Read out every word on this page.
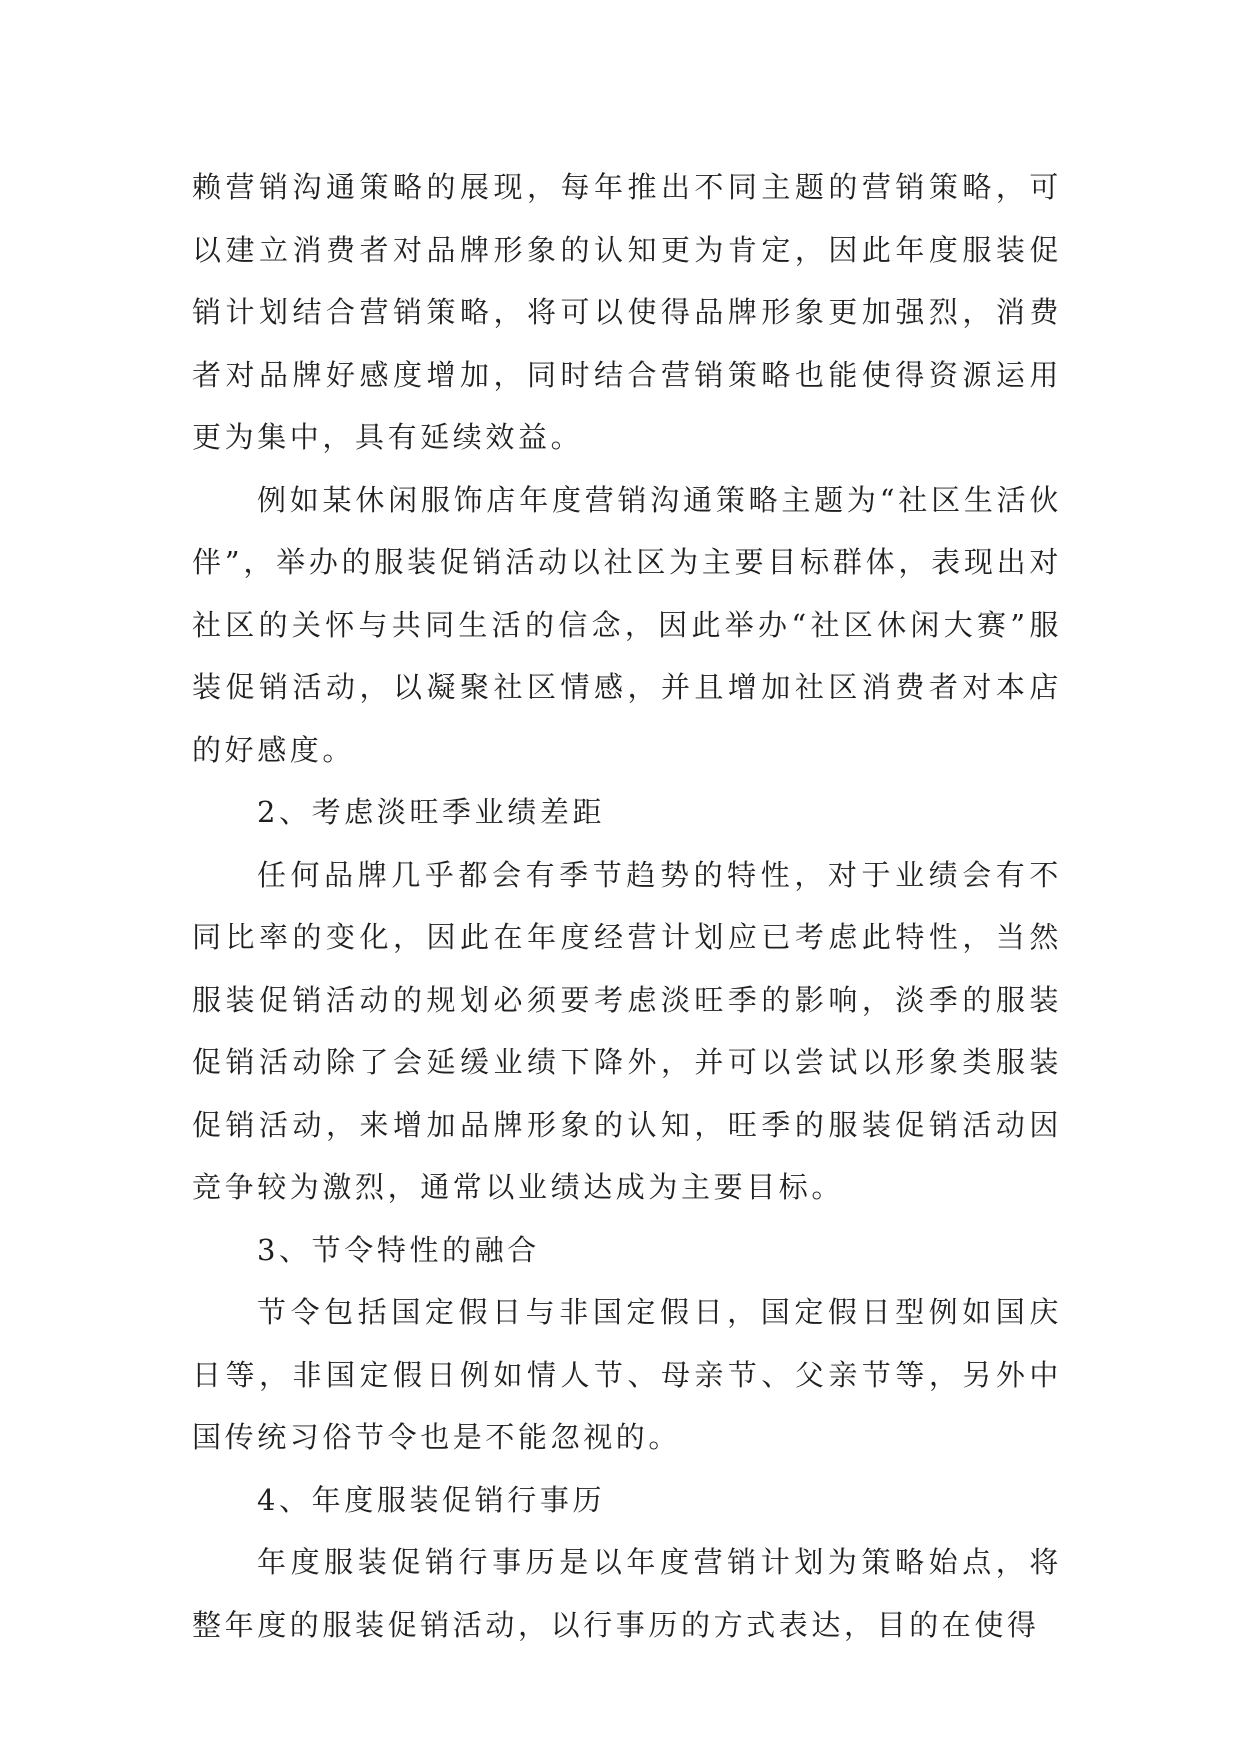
赖营销沟通策略的展现，每年推出不同主题的营销策略，可以建立消费者对品牌形象的认知更为肯定，因此年度服装促销计划结合营销策略，将可以使得品牌形象更加强烈，消费者对品牌好感度增加，同时结合营销策略也能使得资源运用更为集中，具有延续效益。

例如某休闲服饰店年度营销沟通策略主题为“社区生活伙伴”，举办的服装促销活动以社区为主要目标群体，表现出对社区的关怀与共同生活的信念，因此举办“社区休闲大赛”服装促销活动，以凝聚社区情感，并且增加社区消费者对本店的好感度。

2、考虑淡旺季业绩差距

任何品牌几乎都会有季节趋势的特性，对于业绩会有不同比率的变化，因此在年度经营计划应已考虑此特性，当然服装促销活动的规划必须要考虑淡旺季的影响，淡季的服装促销活动除了会延缓业绩下降外，并可以尝试以形象类服装促销活动，来增加品牌形象的认知，旺季的服装促销活动因竞争较为激烈，通常以业绩达成为主要目标。

3、节令特性的融合

节令包括国定假日与非国定假日，国定假日型例如国庆日等，非国定假日例如情人节、母亲节、父亲节等，另外中国传统习俗节令也是不能忽视的。

4、年度服装促销行事历

年度服装促销行事历是以年度营销计划为策略始点，将整年度的服装促销活动，以行事历的方式表达，目的在使得
